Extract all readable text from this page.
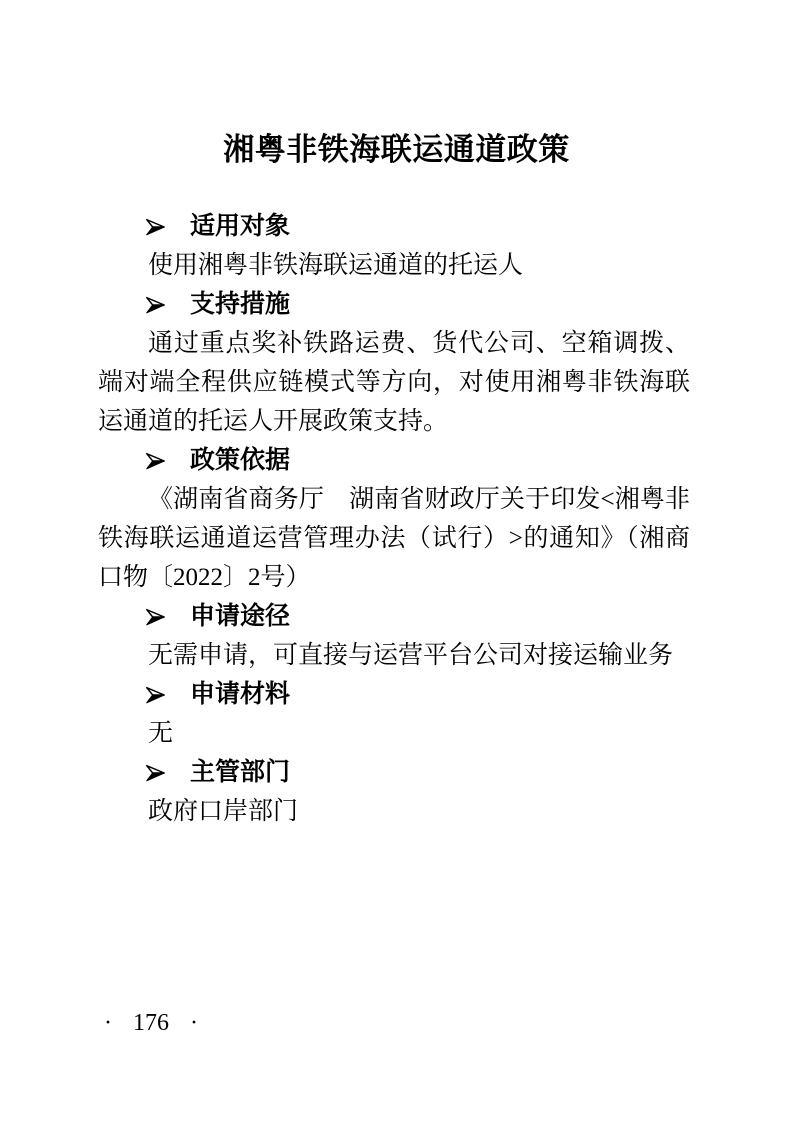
湘粤非铁海联运通道政策
适用对象

使用湘粤非铁海联运通道的托运人

支持措施

通过重点奖补铁路运费、货代公司、空箱调拨、端对端全程供应链模式等方向，对使用湘粤非铁海联运通道的托运人开展政策支持。

政策依据

《湖南省商务厅　湖南省财政厅关于印发<湘粤非铁海联运通道运营管理办法（试行）>的通知》（湘商口物〔2022〕2号）

申请途径

无需申请，可直接与运营平台公司对接运输业务

申请材料

无

主管部门

政府口岸部门

· 176 ·
